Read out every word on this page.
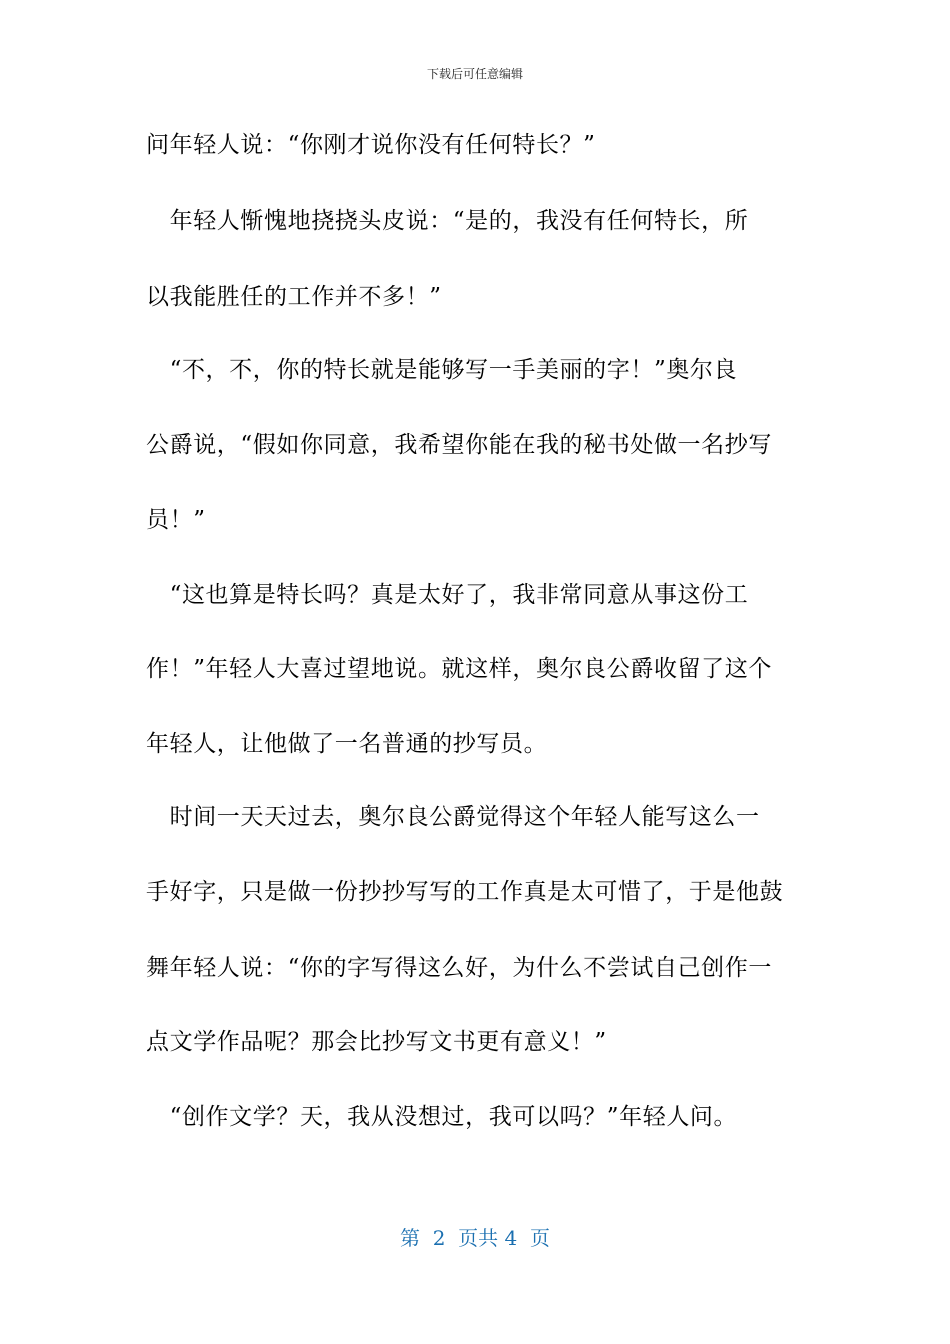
下载后可任意编辑
问年轻人说：“你刚才说你没有任何特长？”
　年轻人惭愧地挠挠头皮说：“是的，我没有任何特长，所
以我能胜任的工作并不多！”
　“不，不，你的特长就是能够写一手美丽的字！”奥尔良
公爵说，“假如你同意，我希望你能在我的秘书处做一名抄写
员！”
　“这也算是特长吗？真是太好了，我非常同意从事这份工
作！”年轻人大喜过望地说。就这样，奥尔良公爵收留了这个
年轻人，让他做了一名普通的抄写员。
　时间一天天过去，奥尔良公爵觉得这个年轻人能写这么一
手好字，只是做一份抄抄写写的工作真是太可惜了，于是他鼓
舞年轻人说：“你的字写得这么好，为什么不尝试自己创作一
点文学作品呢？那会比抄写文书更有意义！”
　“创作文学？天，我从没想过，我可以吗？”年轻人问。
第  2  页共 4  页
